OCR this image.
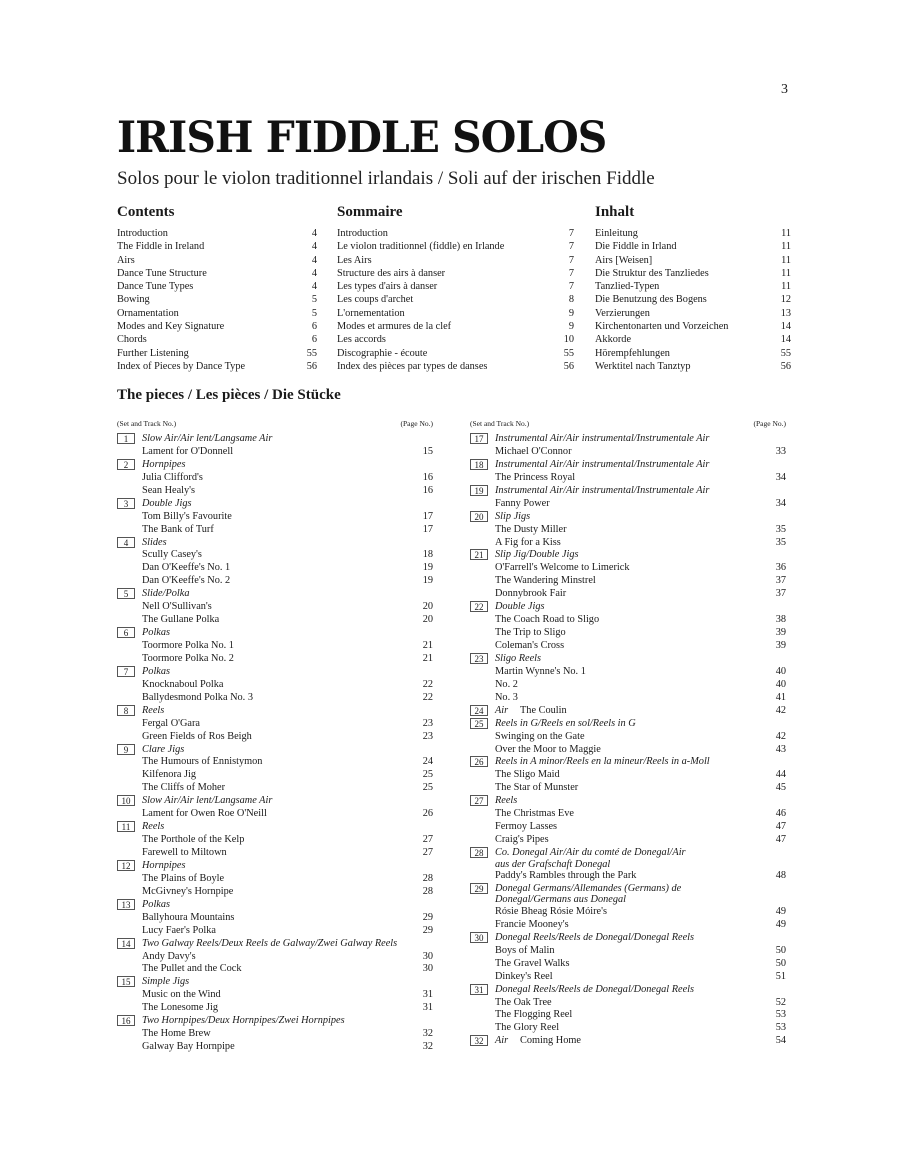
3
IRISH FIDDLE SOLOS
Solos pour le violon traditionnel irlandais / Soli auf der irischen Fiddle
Contents
Introduction	4
The Fiddle in Ireland	4
Airs	4
Dance Tune Structure	4
Dance Tune Types	4
Bowing	5
Ornamentation	5
Modes and Key Signature	6
Chords	6
Further Listening	55
Index of Pieces by Dance Type	56
Sommaire
Introduction	7
Le violon traditionnel (fiddle) en Irlande	7
Les Airs	7
Structure des airs à danser	7
Les types d'airs à danser	7
Les coups d'archet	8
L'ornementation	9
Modes et armures de la clef	9
Les accords	10
Discographie - écoute	55
Index des pièces par types de danses	56
Inhalt
Einleitung	11
Die Fiddle in Irland	11
Airs [Weisen]	11
Die Struktur des Tanzliedes	11
Tanzlied-Typen	11
Die Benutzung des Bogens	12
Verzierungen	13
Kirchentonarten und Vorzeichen	14
Akkorde	14
Hörempfehlungen	55
Werktitel nach Tanztyp	56
The pieces / Les pièces / Die Stücke
(Set and Track No.)	(Page No.)
1	Slow Air/Air lent/Langsame Air
Lament for O'Donnell	15
2	Hornpipes
Julia Clifford's	16
Sean Healy's	16
3	Double Jigs
Tom Billy's Favourite	17
The Bank of Turf	17
4	Slides
Scully Casey's	18
Dan O'Keeffe's No. 1	19
Dan O'Keeffe's No. 2	19
5	Slide/Polka
Nell O'Sullivan's	20
The Gullane Polka	20
6	Polkas
Toormore Polka No. 1	21
Toormore Polka No. 2	21
7	Polkas
Knocknaboul Polka	22
Ballydesmond Polka No. 3	22
8	Reels
Fergal O'Gara	23
Green Fields of Ros Beigh	23
9	Clare Jigs
The Humours of Ennistymon	24
Kilfenora Jig	25
The Cliffs of Moher	25
10	Slow Air/Air lent/Langsame Air
Lament for Owen Roe O'Neill	26
11	Reels
The Porthole of the Kelp	27
Farewell to Miltown	27
12	Hornpipes
The Plains of Boyle	28
McGivney's Hornpipe	28
13	Polkas
Ballyhoura Mountains	29
Lucy Faer's Polka	29
14	Two Galway Reels/Deux Reels de Galway/Zwei Galway Reels
Andy Davy's	30
The Pullet and the Cock	30
15	Simple Jigs
Music on the Wind	31
The Lonesome Jig	31
16	Two Hornpipes/Deux Hornpipes/Zwei Hornpipes
The Home Brew	32
Galway Bay Hornpipe	32
(Set and Track No.)	(Page No.)
17	Instrumental Air/Air instrumental/Instrumentale Air
Michael O'Connor	33
18	Instrumental Air/Air instrumental/Instrumentale Air
The Princess Royal	34
19	Instrumental Air/Air instrumental/Instrumentale Air
Fanny Power	34
20	Slip Jigs
The Dusty Miller	35
A Fig for a Kiss	35
21	Slip Jig/Double Jigs
O'Farrell's Welcome to Limerick	36
The Wandering Minstrel	37
Donnybrook Fair	37
22	Double Jigs
The Coach Road to Sligo	38
The Trip to Sligo	39
Coleman's Cross	39
23	Sligo Reels
Martin Wynne's No. 1	40
No. 2	40
No. 3	41
24	Air The Coulin	42
25	Reels in G/Reels en sol/Reels in G
Swinging on the Gate	42
Over the Moor to Maggie	43
26	Reels in A minor/Reels en la mineur/Reels in a-Moll
The Sligo Maid	44
The Star of Munster	45
27	Reels
The Christmas Eve	46
Fermoy Lasses	47
Craig's Pipes	47
28	Co. Donegal Air/Air du comté de Donegal/Air
aus der Grafschaft Donegal
Paddy's Rambles through the Park	48
29	Donegal Germans/Allemandes (Germans) de
Donegal/Germans aus Donegal
Rósie Bheag Rósie Móire's	49
Francie Mooney's	49
30	Donegal Reels/Reels de Donegal/Donegal Reels
Boys of Malin	50
The Gravel Walks	50
Dinkey's Reel	51
31	Donegal Reels/Reels de Donegal/Donegal Reels
The Oak Tree	52
The Flogging Reel	53
The Glory Reel	53
32	Air Coming Home	54
